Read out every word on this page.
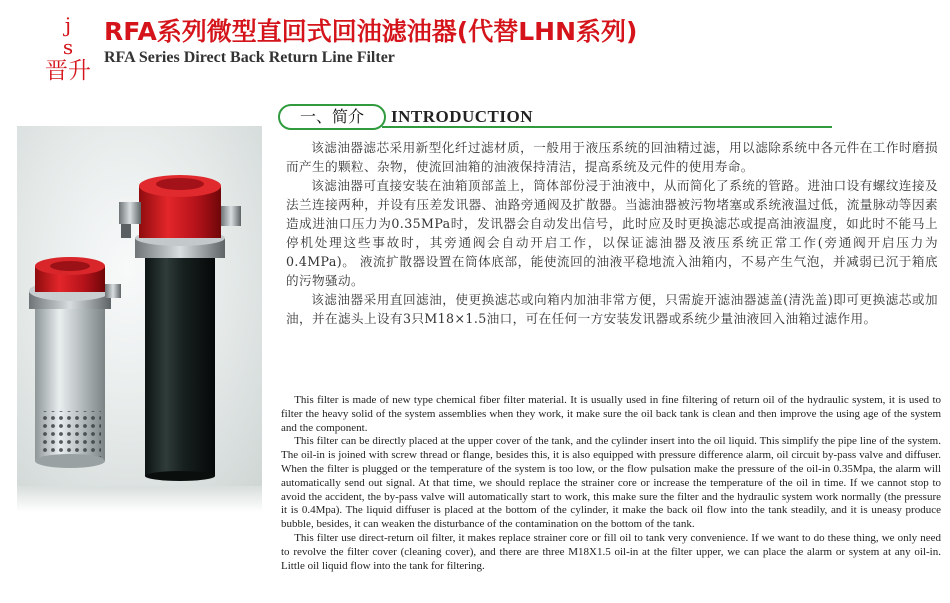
j s
晋升
RFA系列微型直回式回油滤油器(代替LHN系列)
RFA Series Direct Back Return Line Filter
一、简介	INTRODUCTION

该滤油器滤芯采用新型化纤过滤材质，一般用于液压系统的回油精过滤，用以滤除系统中各元件在工作时磨损而产生的颗粒、杂物，使流回油箱的油液保持清洁，提高系统及元件的使用寿命。

该滤油器可直接安装在油箱顶部盖上，筒体部份浸于油液中，从而简化了系统的管路。进油口设有螺纹连接及法兰连接两种，并设有压差发讯器、油路旁通阀及扩散器。当滤油器被污物堵塞或系统液温过低，流量脉动等因素造成进油口压力为0.35MPa时，发讯器会自动发出信号，此时应及时更换滤芯或提高油液温度，如此时不能马上停机处理这些事故时，其旁通阀会自动开启工作，以保证滤油器及液压系统正常工作(旁通阀开启压力为0.4MPa)。 液流扩散器设置在筒体底部，能使流回的油液平稳地流入油箱内，不易产生气泡，并减弱已沉于箱底的污物骚动。

该滤油器采用直回滤油，使更换滤芯或向箱内加油非常方便，只需旋开滤油器滤盖(清洗盖)即可更换滤芯或加油，并在滤头上设有3只M18×1.5油口，可在任何一方安装发讯器或系统少量油液回入油箱过滤作用。

This filter is made of new type chemical fiber filter material. It is usually used in fine filtering of return oil of the hydraulic system, it is used to filter the heavy solid of the system assemblies when they work, it make sure the oil back tank is clean and then improve the using age of the system and the component.

This filter can be directly placed at the upper cover of the tank, and the cylinder insert into the oil liquid. This simplify the pipe line of the system. The oil-in is joined with screw thread or flange, besides this, it is also equipped with pressure difference alarm, oil circuit by-pass valve and diffuser. When the filter is plugged or the temperature of the system is too low, or the flow pulsation make the pressure of the oil-in 0.35Mpa, the alarm will automatically send out signal. At that time, we should replace the strainer core or increase the temperature of the oil in time. If we cannot stop to avoid the accident, the by-pass valve will automatically start to work, this make sure the filter and the hydraulic system work normally (the pressure it is 0.4Mpa). The liquid diffuser is placed at the bottom of the cylinder, it make the back oil flow into the tank steadily, and it is uneasy produce bubble, besides, it can weaken the disturbance of the contamination on the bottom of the tank.

This filter use direct-return oil filter, it makes replace strainer core or fill oil to tank very convenience. If we want to do these thing, we only need to revolve the filter cover (cleaning cover), and there are three M18X1.5 oil-in at the filter upper, we can place the alarm or system at any oil-in. Little oil liquid flow into the tank for filtering.
